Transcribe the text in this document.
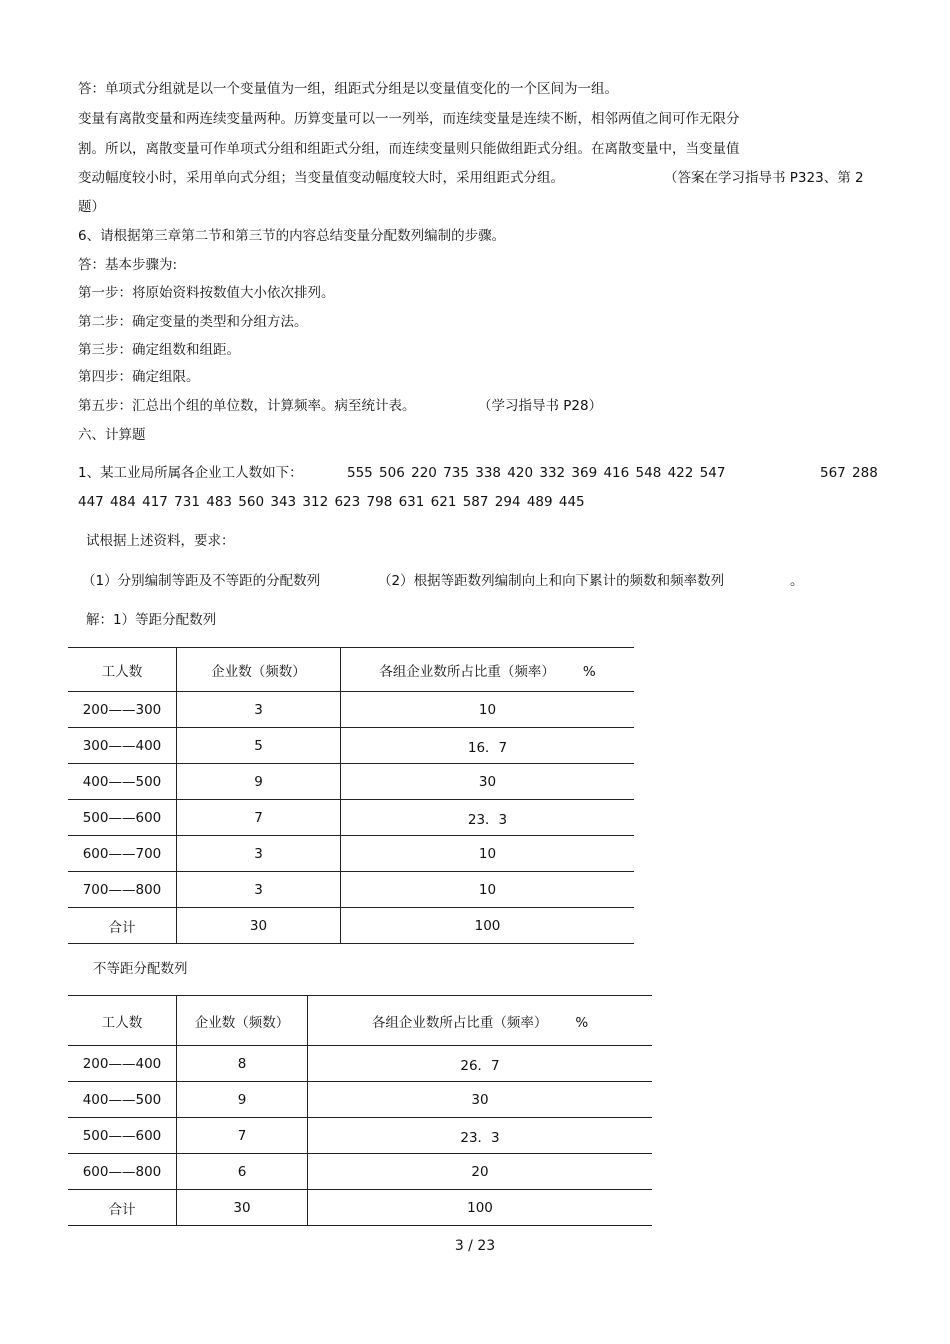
答：单项式分组就是以一个变量值为一组，组距式分组是以变量值变化的一个区间为一组。
变量有离散变量和两连续变量两种。历算变量可以一一列举，而连续变量是连续不断，相邻两值之间可作无限分
割。所以，离散变量可作单项式分组和组距式分组，而连续变量则只能做组距式分组。在离散变量中，当变量值
变动幅度较小时，采用单向式分组；当变量值变动幅度较大时，采用组距式分组。	（答案在学习指导书 P323、第 2
题）
6、请根据第三章第二节和第三节的内容总结变量分配数列编制的步骤。
答：基本步骤为:
第一步：将原始资料按数值大小依次排列。
第二步：确定变量的类型和分组方法。
第三步：确定组数和组距。
第四步：确定组限。
第五步：汇总出个组的单位数，计算频率。病至统计表。	（学习指导书 P28）
六、计算题
1、某工业局所属各企业工人数如下：	555 506 220 735 338 420 332 369 416 548 422 547	567 288
447 484 417 731 483 560 343 312 623 798 631 621 587 294 489 445
试根据上述资料，要求：
（1）分别编制等距及不等距的分配数列	（2）根据等距数列编制向上和向下累计的频数和频率数列	。
解：1）等距分配数列
工人数	企业数（频数）	各组企业数所占比重（频率） %
200——300	3	10
300——400	5	16．7
400——500	9	30
500——600	7	23．3
600——700	3	10
700——800	3	10
合计	30	100
不等距分配数列
工人数	企业数（频数）	各组企业数所占比重（频率） %
200——400	8	26．7
400——500	9	30
500——600	7	23．3
600——800	6	20
合计	30	100
3 / 23
